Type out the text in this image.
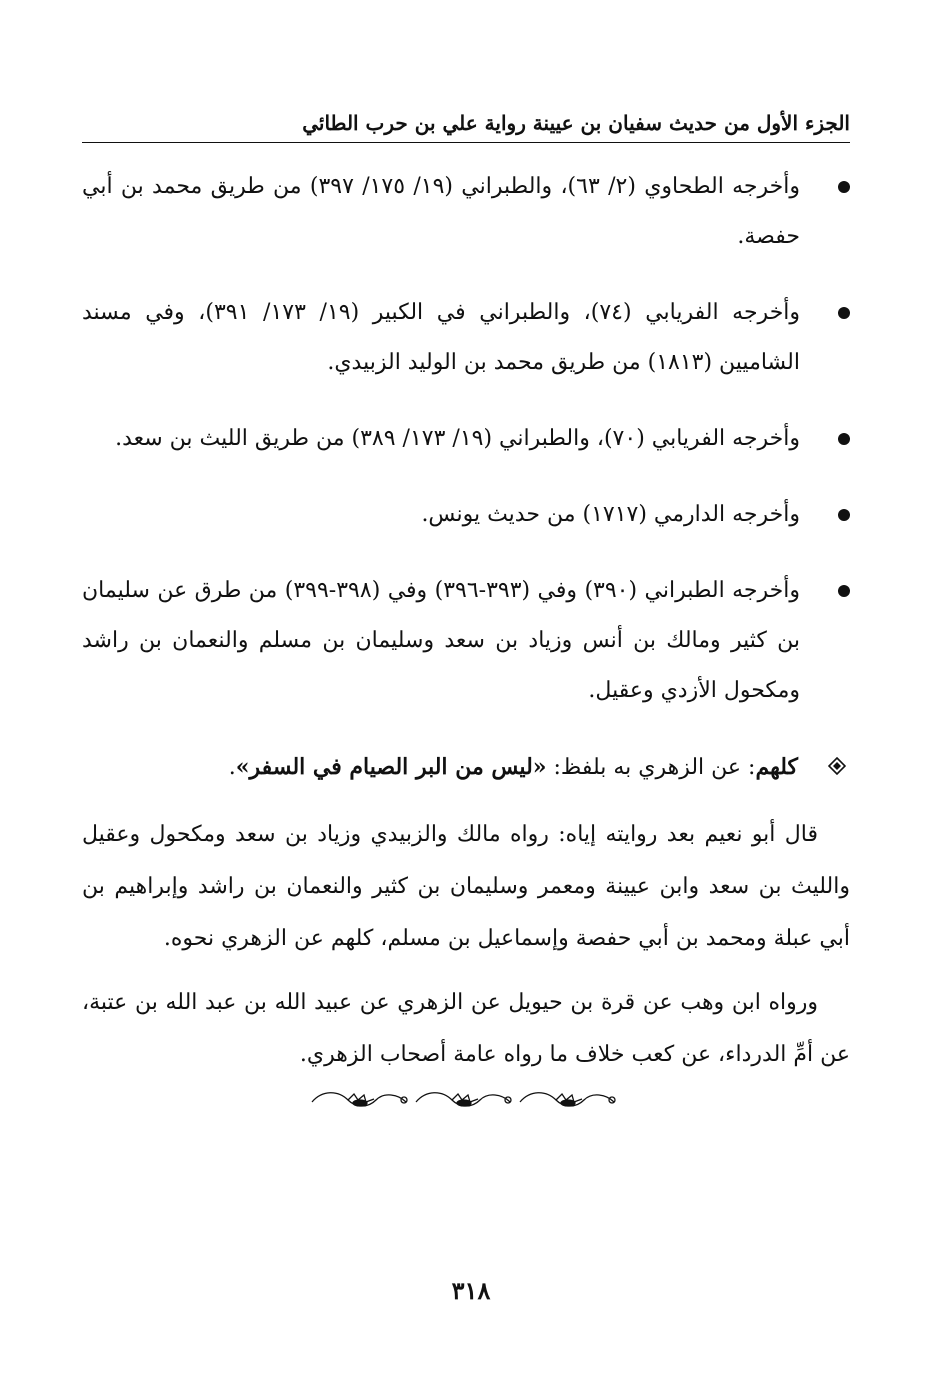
الجزء الأول من حديث سفيان بن عيينة رواية علي بن حرب الطائي
وأخرجه الطحاوي (٢/ ٦٣)، والطبراني (١٩/ ١٧٥/ ٣٩٧) من طريق محمد بن أبي حفصة.
وأخرجه الفريابي (٧٤)، والطبراني في الكبير (١٩/ ١٧٣/ ٣٩١)، وفي مسند الشاميين (١٨١٣) من طريق محمد بن الوليد الزبيدي.
وأخرجه الفريابي (٧٠)، والطبراني (١٩/ ١٧٣/ ٣٨٩) من طريق الليث بن سعد.
وأخرجه الدارمي (١٧١٧) من حديث يونس.
وأخرجه الطبراني (٣٩٠) وفي (٣٩٣-٣٩٦) وفي (٣٩٨-٣٩٩) من طرق عن سليمان بن كثير ومالك بن أنس وزياد بن سعد وسليمان بن مسلم والنعمان بن راشد ومكحول الأزدي وعقيل.

كلهم: عن الزهري به بلفظ: «ليس من البر الصيام في السفر».

قال أبو نعيم بعد روايته إياه: رواه مالك والزبيدي وزياد بن سعد ومكحول وعقيل والليث بن سعد وابن عيينة ومعمر وسليمان بن كثير والنعمان بن راشد وإبراهيم بن أبي عبلة ومحمد بن أبي حفصة وإسماعيل بن مسلم، كلهم عن الزهري نحوه.

ورواه ابن وهب عن قرة بن حيويل عن الزهري عن عبيد الله بن عبد الله بن عتبة، عن أمِّ الدرداء، عن كعب خلاف ما رواه عامة أصحاب الزهري.

٣١٨
